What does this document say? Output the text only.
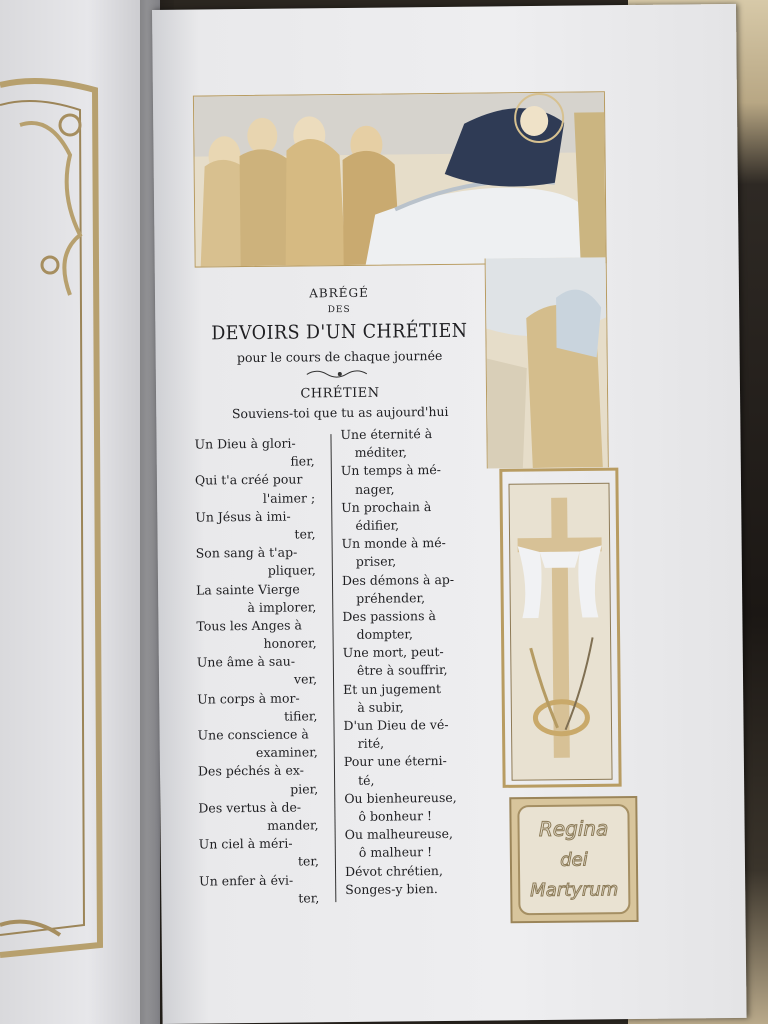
Regina
dei
Martyrum
ABRÉGÉ
DES
DEVOIRS D'UN CHRÉTIEN
pour le cours de chaque journée
CHRÉTIEN
Souviens-toi que tu as aujourd'hui
Un Dieu à glori-
fier,
Qui t'a créé pour
l'aimer ;
Un Jésus à imi-
ter,
Son sang à t'ap-
pliquer,
La sainte Vierge
à implorer,
Tous les Anges à
honorer,
Une âme à sau-
ver,
Un corps à mor-
tifier,
Une conscience à
examiner,
Des péchés à ex-
pier,
Des vertus à de-
mander,
Un ciel à méri-
ter,
Un enfer à évi-
ter,
Une éternité à
méditer,
Un temps à mé-
nager,
Un prochain à
édifier,
Un monde à mé-
priser,
Des démons à ap-
préhender,
Des passions à
dompter,
Une mort, peut-
être à souffrir,
Et un jugement
à subir,
D'un Dieu de vé-
rité,
Pour une éterni-
té,
Ou bienheureuse,
ô bonheur !
Ou malheureuse,
ô malheur !
Dévot chrétien,
Songes-y bien.
